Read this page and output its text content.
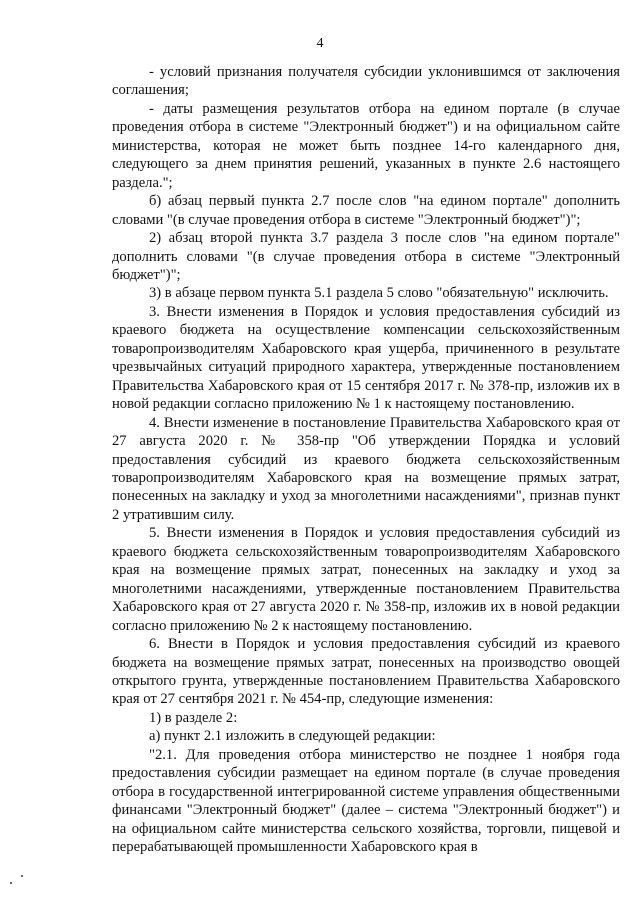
4

- условий признания получателя субсидии уклонившимся от заключения соглашения;

- даты размещения результатов отбора на едином портале (в случае проведения отбора в системе "Электронный бюджет") и на официальном сайте министерства, которая не может быть позднее 14-го календарного дня, следующего за днем принятия решений, указанных в пункте 2.6 настоящего раздела.";

б) абзац первый пункта 2.7 после слов "на едином портале" дополнить словами "(в случае проведения отбора в системе "Электронный бюджет")";

2) абзац второй пункта 3.7 раздела 3 после слов "на едином портале" дополнить словами "(в случае проведения отбора в системе "Электронный бюджет")";

3) в абзаце первом пункта 5.1 раздела 5 слово "обязательную" исключить.

3. Внести изменения в Порядок и условия предоставления субсидий из краевого бюджета на осуществление компенсации сельскохозяйственным товаропроизводителям Хабаровского края ущерба, причиненного в результате чрезвычайных ситуаций природного характера, утвержденные постановлением Правительства Хабаровского края от 15 сентября 2017 г. № 378-пр, изложив их в новой редакции согласно приложению № 1 к настоящему постановлению.

4. Внести изменение в постановление Правительства Хабаровского края от 27 августа 2020 г. № 358-пр "Об утверждении Порядка и условий предоставления субсидий из краевого бюджета сельскохозяйственным товаропроизводителям Хабаровского края на возмещение прямых затрат, понесенных на закладку и уход за многолетними насаждениями", признав пункт 2 утратившим силу.

5. Внести изменения в Порядок и условия предоставления субсидий из краевого бюджета сельскохозяйственным товаропроизводителям Хабаровского края на возмещение прямых затрат, понесенных на закладку и уход за многолетними насаждениями, утвержденные постановлением Правительства Хабаровского края от 27 августа 2020 г. № 358-пр, изложив их в новой редакции согласно приложению № 2 к настоящему постановлению.

6. Внести в Порядок и условия предоставления субсидий из краевого бюджета на возмещение прямых затрат, понесенных на производство овощей открытого грунта, утвержденные постановлением Правительства Хабаровского края от 27 сентября 2021 г. № 454-пр, следующие изменения:

1) в разделе 2:

а) пункт 2.1 изложить в следующей редакции:

"2.1. Для проведения отбора министерство не позднее 1 ноября года предоставления субсидии размещает на едином портале (в случае проведения отбора в государственной интегрированной системе управления общественными финансами "Электронный бюджет" (далее – система "Электронный бюджет") и на официальном сайте министерства сельского хозяйства, торговли, пищевой и перерабатывающей промышленности Хабаровского края в
